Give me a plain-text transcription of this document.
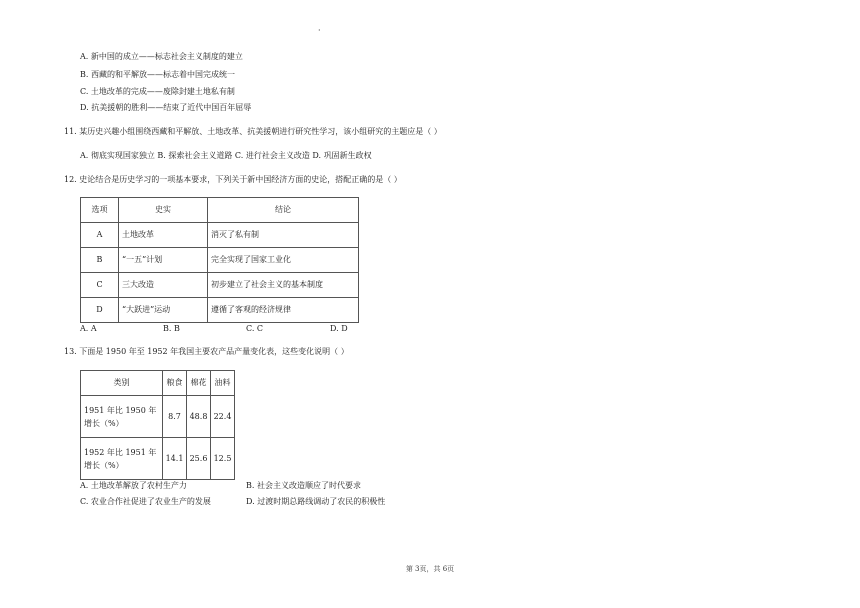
·
A. 新中国的成立——标志社会主义制度的建立
B. 西藏的和平解放——标志着中国完成统一
C. 土地改革的完成——废除封建土地私有制
D. 抗美援朝的胜利——结束了近代中国百年屈辱
11. 某历史兴趣小组围绕西藏和平解放、土地改革、抗美援朝进行研究性学习，该小组研究的主题应是（ ）
A. 彻底实现国家独立 B. 探索社会主义道路 C. 进行社会主义改造 D. 巩固新生政权
12. 史论结合是历史学习的一项基本要求，下列关于新中国经济方面的史论，搭配正确的是（ ）
选项	史实	结论
A	土地改革	消灭了私有制
B	“一五”计划	完全实现了国家工业化
C	三大改造	初步建立了社会主义的基本制度
D	“大跃进”运动	遵循了客观的经济规律
A. A	B. B	C. C	D. D
13. 下面是 1950 年至 1952 年我国主要农产品产量变化表，这些变化说明（ ）
类别	粮食	棉花	油料
1951 年比 1950 年增长（%）	8.7	48.8	22.4
1952 年比 1951 年增长（%）	14.1	25.6	12.5
A. 土地改革解放了农村生产力	B. 社会主义改造顺应了时代要求
C. 农业合作社促进了农业生产的发展	D. 过渡时期总路线调动了农民的积极性
第 3页，共 6页
